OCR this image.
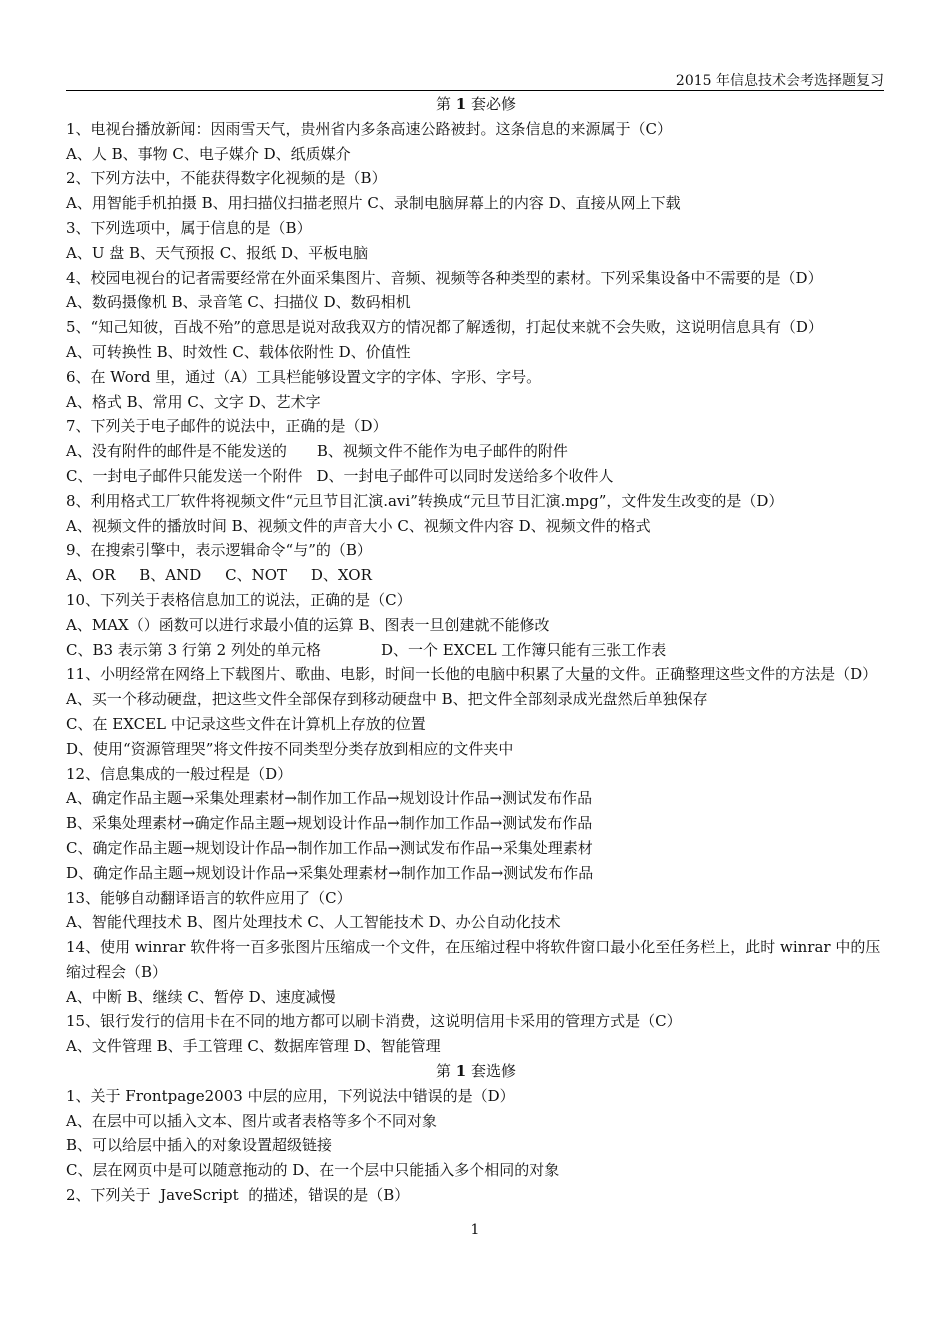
2015 年信息技术会考选择题复习
第 1 套必修
1、电视台播放新闻：因雨雪天气，贵州省内多条高速公路被封。这条信息的来源属于（C）
A、人 B、事物 C、电子媒介 D、纸质媒介
2、下列方法中，不能获得数字化视频的是（B）
A、用智能手机拍摄 B、用扫描仪扫描老照片 C、录制电脑屏幕上的内容 D、直接从网上下载
3、下列选项中，属于信息的是（B）
A、U 盘 B、天气预报 C、报纸 D、平板电脑
4、校园电视台的记者需要经常在外面采集图片、音频、视频等各种类型的素材。下列采集设备中不需要的是（D）
A、数码摄像机 B、录音笔 C、扫描仪 D、数码相机
5、“知己知彼，百战不殆”的意思是说对敌我双方的情况都了解透彻，打起仗来就不会失败，这说明信息具有（D）
A、可转换性 B、时效性 C、载体依附性 D、价值性
6、在 Word 里，通过（A）工具栏能够设置文字的字体、字形、字号。
A、格式 B、常用 C、文字 D、艺术字
7、下列关于电子邮件的说法中，正确的是（D）
A、没有附件的邮件是不能发送的 B、视频文件不能作为电子邮件的附件
C、一封电子邮件只能发送一个附件 D、一封电子邮件可以同时发送给多个收件人
8、利用格式工厂软件将视频文件“元旦节目汇演.avi”转换成“元旦节目汇演.mpg”，文件发生改变的是（D）
A、视频文件的播放时间 B、视频文件的声音大小 C、视频文件内容 D、视频文件的格式
9、在搜索引擎中，表示逻辑命令“与”的（B）
A、OR     B、AND     C、NOT     D、XOR
10、下列关于表格信息加工的说法，正确的是（C）
A、MAX（）函数可以进行求最小值的运算 B、图表一旦创建就不能修改
C、B3 表示第 3 行第 2 列处的单元格	D、一个 EXCEL 工作簿只能有三张工作表
11、小明经常在网络上下载图片、歌曲、电影，时间一长他的电脑中积累了大量的文件。正确整理这些文件的方法是（D）
A、买一个移动硬盘，把这些文件全部保存到移动硬盘中 B、把文件全部刻录成光盘然后单独保存
C、在 EXCEL 中记录这些文件在计算机上存放的位置
D、使用“资源管理哭”将文件按不同类型分类存放到相应的文件夹中
12、信息集成的一般过程是（D）
A、确定作品主题→采集处理素材→制作加工作品→规划设计作品→测试发布作品
B、采集处理素材→确定作品主题→规划设计作品→制作加工作品→测试发布作品
C、确定作品主题→规划设计作品→制作加工作品→测试发布作品→采集处理素材
D、确定作品主题→规划设计作品→采集处理素材→制作加工作品→测试发布作品
13、能够自动翻译语言的软件应用了（C）
A、智能代理技术 B、图片处理技术 C、人工智能技术 D、办公自动化技术
14、使用 winrar 软件将一百多张图片压缩成一个文件，在压缩过程中将软件窗口最小化至任务栏上，此时 winrar 中的压缩过程会（B）
A、中断 B、继续 C、暂停 D、速度减慢
15、银行发行的信用卡在不同的地方都可以刷卡消费，这说明信用卡采用的管理方式是（C）
A、文件管理 B、手工管理 C、数据库管理 D、智能管理
第 1 套选修
1、关于 Frontpage2003 中层的应用，下列说法中错误的是（D）
A、在层中可以插入文本、图片或者表格等多个不同对象
B、可以给层中插入的对象设置超级链接
C、层在网页中是可以随意拖动的 D、在一个层中只能插入多个相同的对象
2、下列关于  JaveScript  的描述，错误的是（B）
1
